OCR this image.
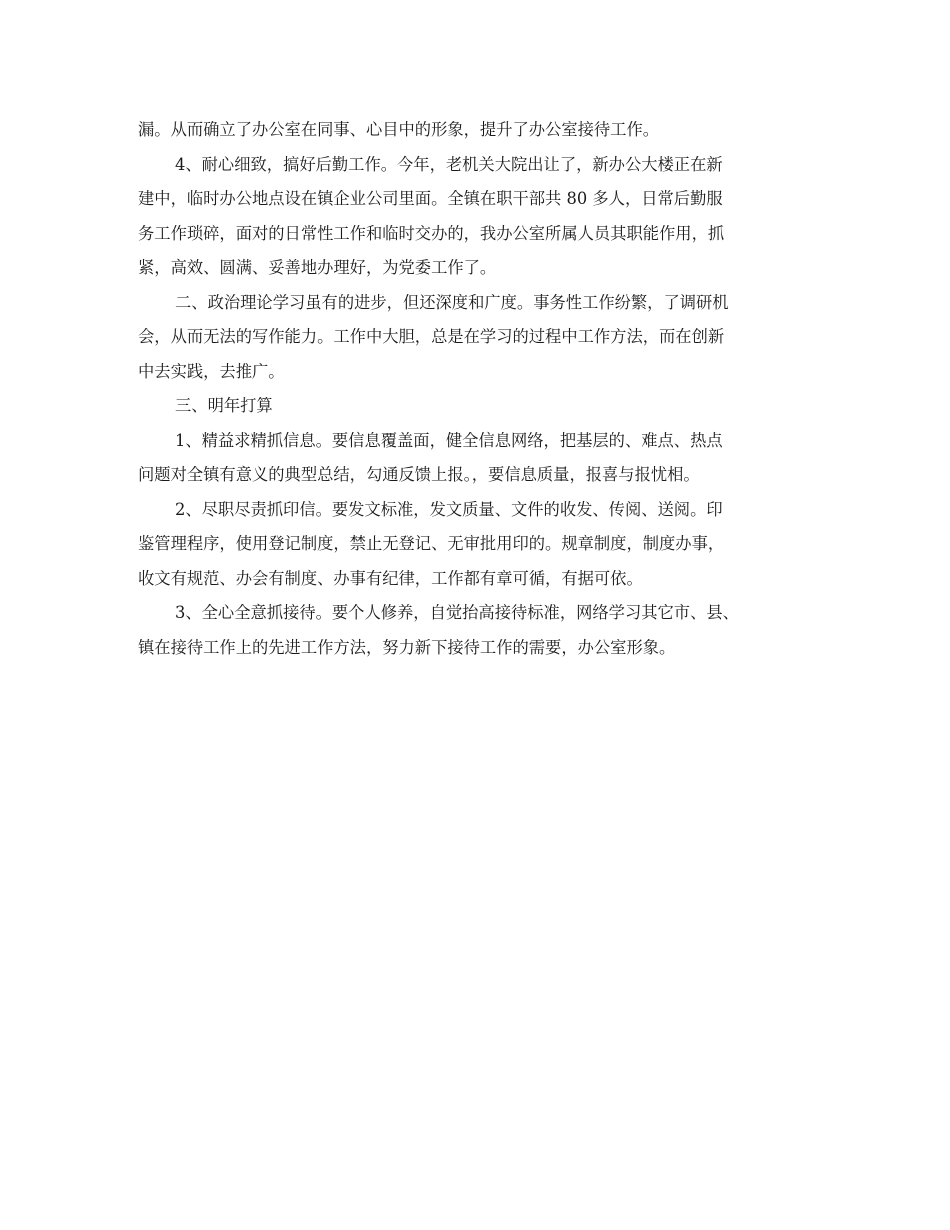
漏。从而确立了办公室在同事、心目中的形象，提升了办公室接待工作。
4、耐心细致，搞好后勤工作。今年，老机关大院出让了，新办公大楼正在新
建中，临时办公地点设在镇企业公司里面。全镇在职干部共 80 多人，日常后勤服
务工作琐碎，面对的日常性工作和临时交办的，我办公室所属人员其职能作用，抓
紧，高效、圆满、妥善地办理好，为党委工作了。
二、政治理论学习虽有的进步，但还深度和广度。事务性工作纷繁，了调研机
会，从而无法的写作能力。工作中大胆，总是在学习的过程中工作方法，而在创新
中去实践，去推广。
三、明年打算
1、精益求精抓信息。要信息覆盖面，健全信息网络，把基层的、难点、热点
问题对全镇有意义的典型总结，勾通反馈上报。，要信息质量，报喜与报忧相。
2、尽职尽责抓印信。要发文标准，发文质量、文件的收发、传阅、送阅。印
鉴管理程序，使用登记制度，禁止无登记、无审批用印的。规章制度，制度办事，
收文有规范、办会有制度、办事有纪律，工作都有章可循，有据可依。
3、全心全意抓接待。要个人修养，自觉抬高接待标准，网络学习其它市、县、
镇在接待工作上的先进工作方法，努力新下接待工作的需要，办公室形象。
